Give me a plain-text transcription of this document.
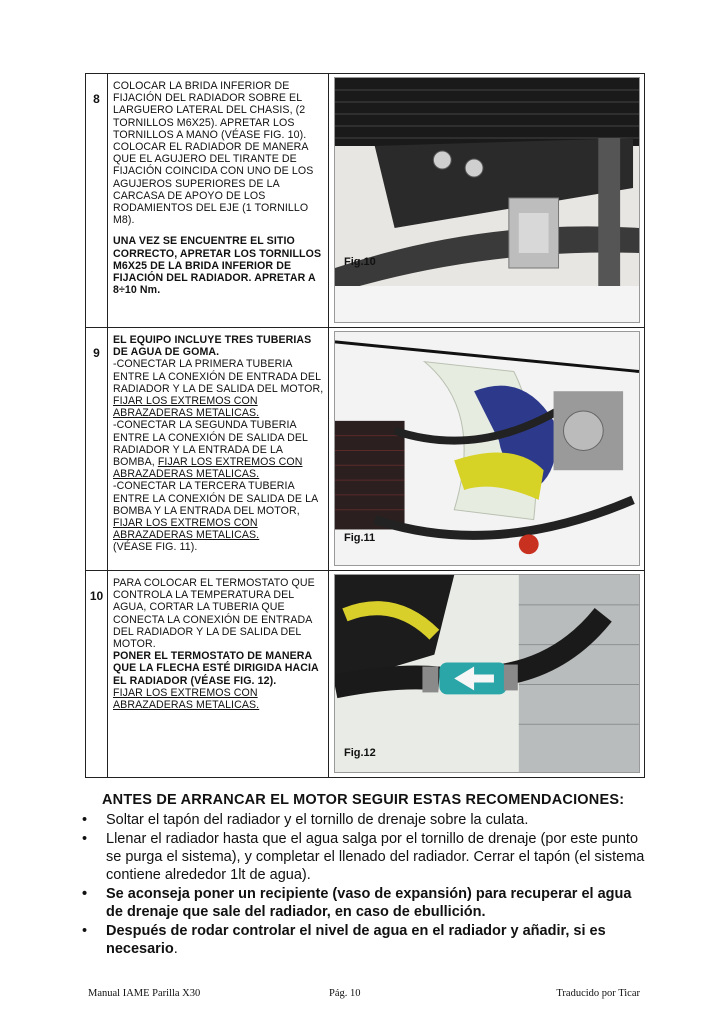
8

COLOCAR LA BRIDA INFERIOR DE FIJACIÓN DEL RADIADOR SOBRE EL LARGUERO LATERAL DEL CHASIS, (2 TORNILLOS M6X25). APRETAR LOS TORNILLOS A MANO (VÉASE FIG. 10). COLOCAR EL RADIADOR DE MANERA QUE EL AGUJERO DEL TIRANTE DE FIJACIÓN COINCIDA CON UNO DE LOS AGUJEROS SUPERIORES DE LA CARCASA DE APOYO DE LOS RODAMIENTOS DEL EJE (1 TORNILLO M8).

UNA VEZ SE ENCUENTRE EL SITIO CORRECTO, APRETAR LOS TORNILLOS M6X25 DE LA BRIDA INFERIOR DE FIJACIÓN DEL RADIADOR. APRETAR A 8÷10 Nm.

Fig.10
9

EL EQUIPO INCLUYE TRES TUBERIAS DE AGUA DE GOMA.
-CONECTAR LA PRIMERA TUBERIA ENTRE LA CONEXIÓN DE ENTRADA DEL RADIADOR Y LA DE SALIDA DEL MOTOR, FIJAR LOS EXTREMOS CON ABRAZADERAS METALICAS.
-CONECTAR LA SEGUNDA TUBERIA ENTRE LA CONEXIÓN DE SALIDA DEL RADIADOR Y LA ENTRADA DE LA BOMBA, FIJAR LOS EXTREMOS CON ABRAZADERAS METALICAS.
-CONECTAR LA TERCERA TUBERIA ENTRE LA CONEXIÓN DE SALIDA DE LA BOMBA Y LA ENTRADA DEL MOTOR,
FIJAR LOS EXTREMOS CON ABRAZADERAS METALICAS.
(VÉASE FIG. 11).

Fig.11
10

PARA COLOCAR EL TERMOSTATO QUE CONTROLA LA TEMPERATURA DEL AGUA, CORTAR LA TUBERIA QUE CONECTA LA CONEXIÓN DE ENTRADA DEL RADIADOR Y LA DE SALIDA DEL MOTOR.
PONER EL TERMOSTATO DE MANERA QUE LA FLECHA ESTÉ DIRIGIDA HACIA EL RADIADOR (VÉASE FIG. 12).
FIJAR LOS EXTREMOS CON ABRAZADERAS METALICAS.

Fig.12
ANTES DE ARRANCAR EL MOTOR SEGUIR ESTAS RECOMENDACIONES:
• Soltar el tapón del radiador y el tornillo de drenaje sobre la culata.
• Llenar el radiador hasta que el agua salga por el tornillo de drenaje (por este punto se purga el sistema), y completar el llenado del radiador. Cerrar el tapón (el sistema contiene alrededor 1lt de agua).
• Se aconseja poner un recipiente (vaso de expansión) para recuperar el agua de drenaje que sale del radiador, en caso de ebullición.
• Después de rodar controlar el nivel de agua en el radiador y añadir, si es necesario.
Manual IAME Parilla X30	Pág. 10	Traducido por Ticar
